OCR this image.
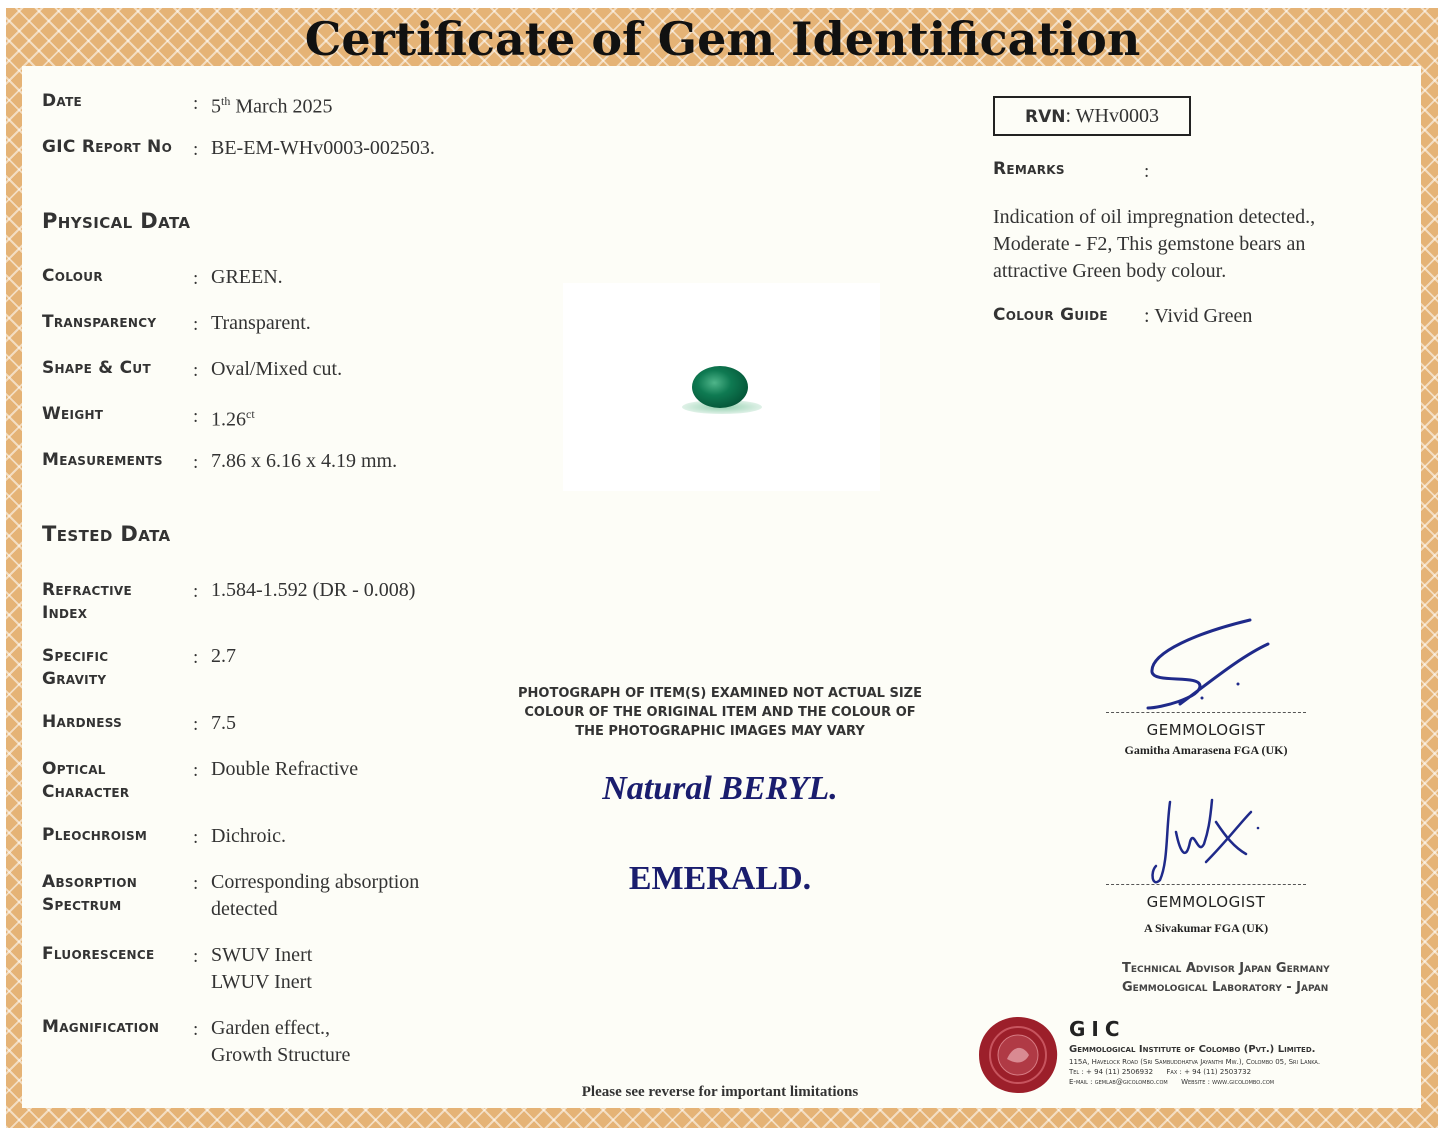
Certificate of Gem Identification
Date	: 5th March 2025
GIC Report No : BE-EM-WHv0003-002503.
Physical Data
Colour	: GREEN.
Transparency : Transparent.
Shape & Cut : Oval/Mixed cut.
Weight	: $1.26^{ct}$
Measurements : 7.86 x 6.16 x 4.19 mm.
Tested Data
Refractive
Index
: 1.584-1.592 (DR - 0.008)
Specific
Gravity
: 2.7
Hardness	: 7.5
Optical
Character
: Double Refractive
Pleochroism : Dichroic.
Absorption
Spectrum
: Corresponding absorption
detected
Fluorescence : SWUV Inert
LWUV Inert
Magnification : Garden effect.,
Growth Structure
PHOTOGRAPH OF ITEM(S) EXAMINED NOT ACTUAL SIZE
COLOUR OF THE ORIGINAL ITEM AND THE COLOUR OF
THE PHOTOGRAPHIC IMAGES MAY VARY
Natural BERYL.
EMERALD.
Please see reverse for important limitations
RVN: WHv0003
Remarks	:
Indication of oil impregnation detected.,
Moderate - F2, This gemstone bears an
attractive Green body colour.
Colour Guide : Vivid Green
GEMMOLOGIST
Gamitha Amarasena FGA (UK)
GEMMOLOGIST
A Sivakumar FGA (UK)
Technical Advisor Japan Germany
Gemmological Laboratory - Japan
GIC
Gemmological Institute of Colombo (Pvt.) Limited.
115A, Havelock Road (Sri Sambuddhatva Jayanthi Mw.), Colombo 05, Sri Lanka.
Tel : + 94 (11) 2506932 Fax : + 94 (11) 2503732
E-mail : gemlab@gicolombo.com Website : www.gicolombo.com
